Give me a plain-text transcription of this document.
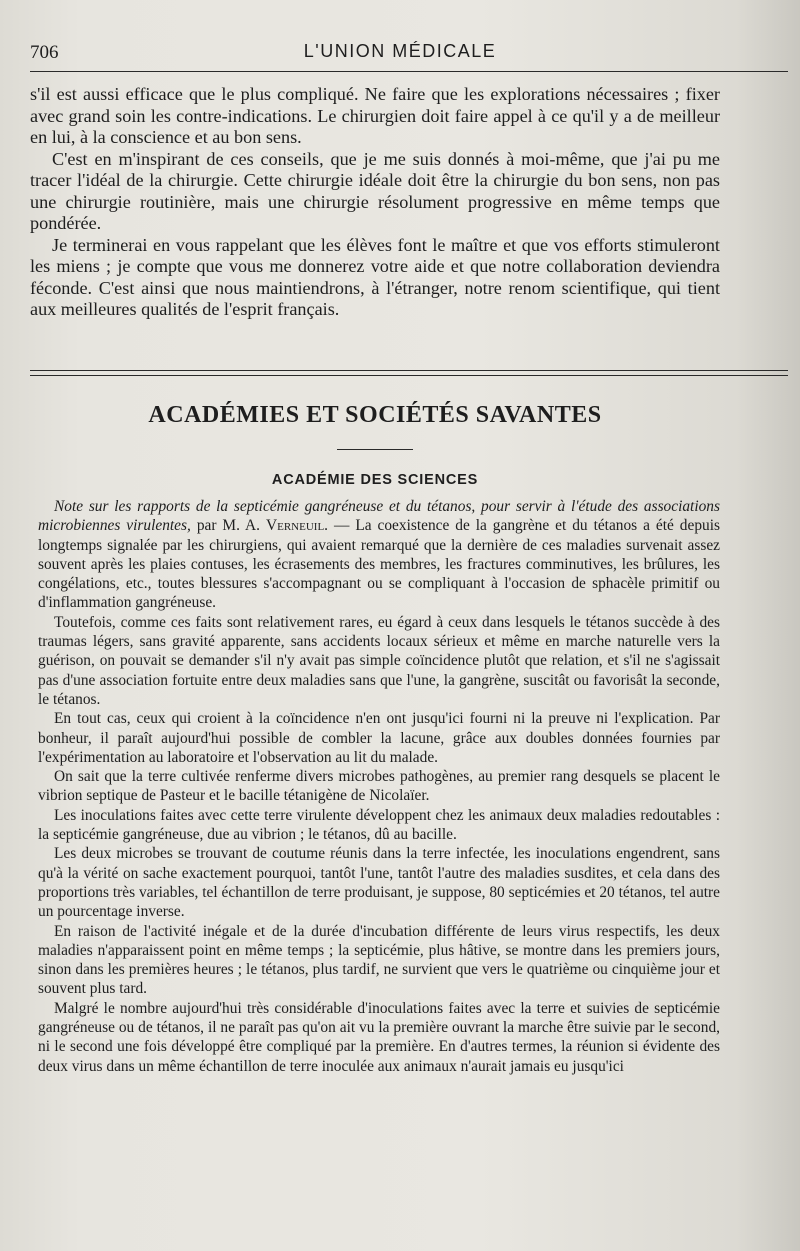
706	L'UNION MÉDICALE

s'il est aussi efficace que le plus compliqué. Ne faire que les explorations nécessaires ; fixer avec grand soin les contre-indications. Le chirurgien doit faire appel à ce qu'il y a de meilleur en lui, à la conscience et au bon sens.

C'est en m'inspirant de ces conseils, que je me suis donnés à moi-même, que j'ai pu me tracer l'idéal de la chirurgie. Cette chirurgie idéale doit être la chirurgie du bon sens, non pas une chirurgie routinière, mais une chirurgie résolument progressive en même temps que pondérée.

Je terminerai en vous rappelant que les élèves font le maître et que vos efforts stimuleront les miens ; je compte que vous me donnerez votre aide et que notre collaboration deviendra féconde. C'est ainsi que nous maintiendrons, à l'étranger, notre renom scientifique, qui tient aux meilleures qualités de l'esprit français.

ACADÉMIES ET SOCIÉTÉS SAVANTES
ACADÉMIE DES SCIENCES

Note sur les rapports de la septicémie gangréneuse et du tétanos, pour servir à l'étude des associations microbiennes virulentes, par M. A. Verneuil. — La coexistence de la gangrène et du tétanos a été depuis longtemps signalée par les chirurgiens, qui avaient remarqué que la dernière de ces maladies survenait assez souvent après les plaies contuses, les écrasements des membres, les fractures comminutives, les brûlures, les congélations, etc., toutes blessures s'accompagnant ou se compliquant à l'occasion de sphacèle primitif ou d'inflammation gangréneuse.

Toutefois, comme ces faits sont relativement rares, eu égard à ceux dans lesquels le tétanos succède à des traumas légers, sans gravité apparente, sans accidents locaux sérieux et même en marche naturelle vers la guérison, on pouvait se demander s'il n'y avait pas simple coïncidence plutôt que relation, et s'il ne s'agissait pas d'une association fortuite entre deux maladies sans que l'une, la gangrène, suscitât ou favorisât la seconde, le tétanos.

En tout cas, ceux qui croient à la coïncidence n'en ont jusqu'ici fourni ni la preuve ni l'explication. Par bonheur, il paraît aujourd'hui possible de combler la lacune, grâce aux doubles données fournies par l'expérimentation au laboratoire et l'observation au lit du malade.

On sait que la terre cultivée renferme divers microbes pathogènes, au premier rang desquels se placent le vibrion septique de Pasteur et le bacille tétanigène de Nicolaïer.

Les inoculations faites avec cette terre virulente développent chez les animaux deux maladies redoutables : la septicémie gangréneuse, due au vibrion ; le tétanos, dû au bacille.

Les deux microbes se trouvant de coutume réunis dans la terre infectée, les inoculations engendrent, sans qu'à la vérité on sache exactement pourquoi, tantôt l'une, tantôt l'autre des maladies susdites, et cela dans des proportions très variables, tel échantillon de terre produisant, je suppose, 80 septicémies et 20 tétanos, tel autre un pourcentage inverse.

En raison de l'activité inégale et de la durée d'incubation différente de leurs virus respectifs, les deux maladies n'apparaissent point en même temps ; la septicémie, plus hâtive, se montre dans les premiers jours, sinon dans les premières heures ; le tétanos, plus tardif, ne survient que vers le quatrième ou cinquième jour et souvent plus tard.

Malgré le nombre aujourd'hui très considérable d'inoculations faites avec la terre et suivies de septicémie gangréneuse ou de tétanos, il ne paraît pas qu'on ait vu la première ouvrant la marche être suivie par le second, ni le second une fois développé être compliqué par la première. En d'autres termes, la réunion si évidente des deux virus dans un même échantillon de terre inoculée aux animaux n'aurait jamais eu jusqu'ici
